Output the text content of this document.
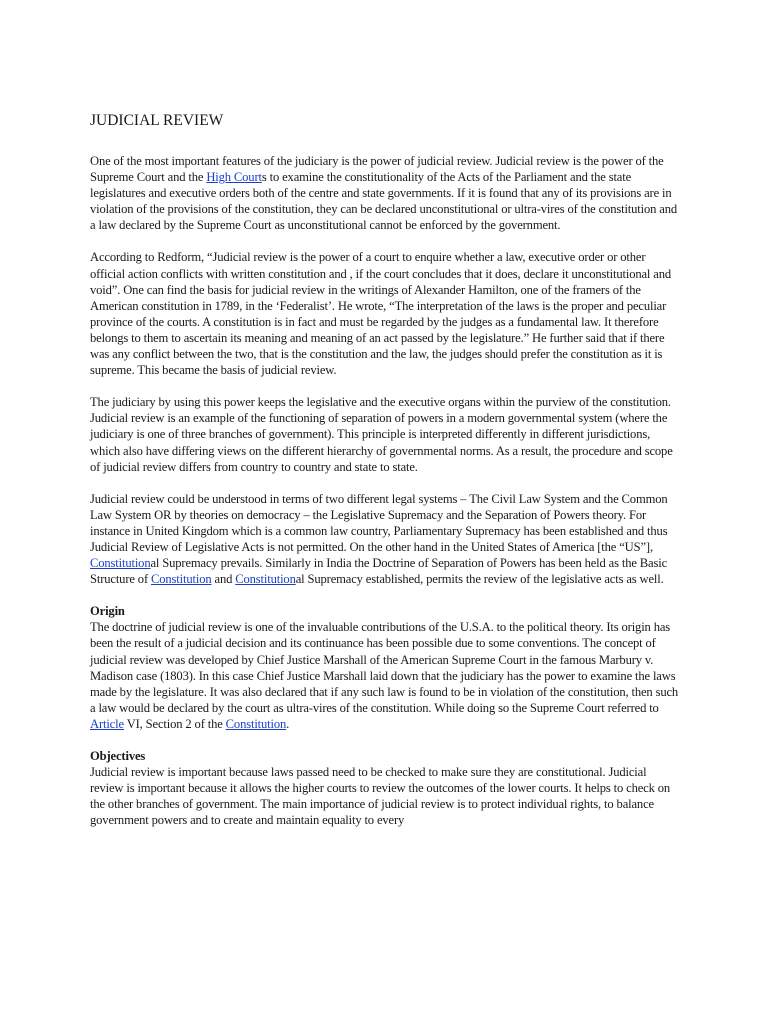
JUDICIAL REVIEW

One of the most important features of the judiciary is the power of judicial review. Judicial review is the power of the Supreme Court and the High Courts to examine the constitutionality of the Acts of the Parliament and the state legislatures and executive orders both of the centre and state governments. If it is found that any of its provisions are in violation of the provisions of the constitution, they can be declared unconstitutional or ultra-vires of the constitution and a law declared by the Supreme Court as unconstitutional cannot be enforced by the government.

According to Redform, “Judicial review is the power of a court to enquire whether a law, executive order or other official action conflicts with written constitution and , if the court concludes that it does, declare it unconstitutional and void”. One can find the basis for judicial review in the writings of Alexander Hamilton, one of the framers of the American constitution in 1789, in the ‘Federalist’. He wrote, “The interpretation of the laws is the proper and peculiar province of the courts. A constitution is in fact and must be regarded by the judges as a fundamental law. It therefore belongs to them to ascertain its meaning and meaning of an act passed by the legislature.” He further said that if there was any conflict between the two, that is the constitution and the law, the judges should prefer the constitution as it is supreme. This became the basis of judicial review.

The judiciary by using this power keeps the legislative and the executive organs within the purview of the constitution. Judicial review is an example of the functioning of separation of powers in a modern governmental system (where the judiciary is one of three branches of government). This principle is interpreted differently in different jurisdictions, which also have differing views on the different hierarchy of governmental norms. As a result, the procedure and scope of judicial review differs from country to country and state to state.

Judicial review could be understood in terms of two different legal systems – The Civil Law System and the Common Law System OR by theories on democracy – the Legislative Supremacy and the Separation of Powers theory. For instance in United Kingdom which is a common law country, Parliamentary Supremacy has been established and thus Judicial Review of Legislative Acts is not permitted. On the other hand in the United States of America [the “US”], Constitutional Supremacy prevails. Similarly in India the Doctrine of Separation of Powers has been held as the Basic Structure of Constitution and Constitutional Supremacy established, permits the review of the legislative acts as well.

Origin

The doctrine of judicial review is one of the invaluable contributions of the U.S.A. to the political theory. Its origin has been the result of a judicial decision and its continuance has been possible due to some conventions. The concept of judicial review was developed by Chief Justice Marshall of the American Supreme Court in the famous Marbury v. Madison case (1803). In this case Chief Justice Marshall laid down that the judiciary has the power to examine the laws made by the legislature. It was also declared that if any such law is found to be in violation of the constitution, then such a law would be declared by the court as ultra-vires of the constitution. While doing so the Supreme Court referred to Article VI, Section 2 of the Constitution.

Objectives

Judicial review is important because laws passed need to be checked to make sure they are constitutional. Judicial review is important because it allows the higher courts to review the outcomes of the lower courts. It helps to check on the other branches of government. The main importance of judicial review is to protect individual rights, to balance government powers and to create and maintain equality to every
